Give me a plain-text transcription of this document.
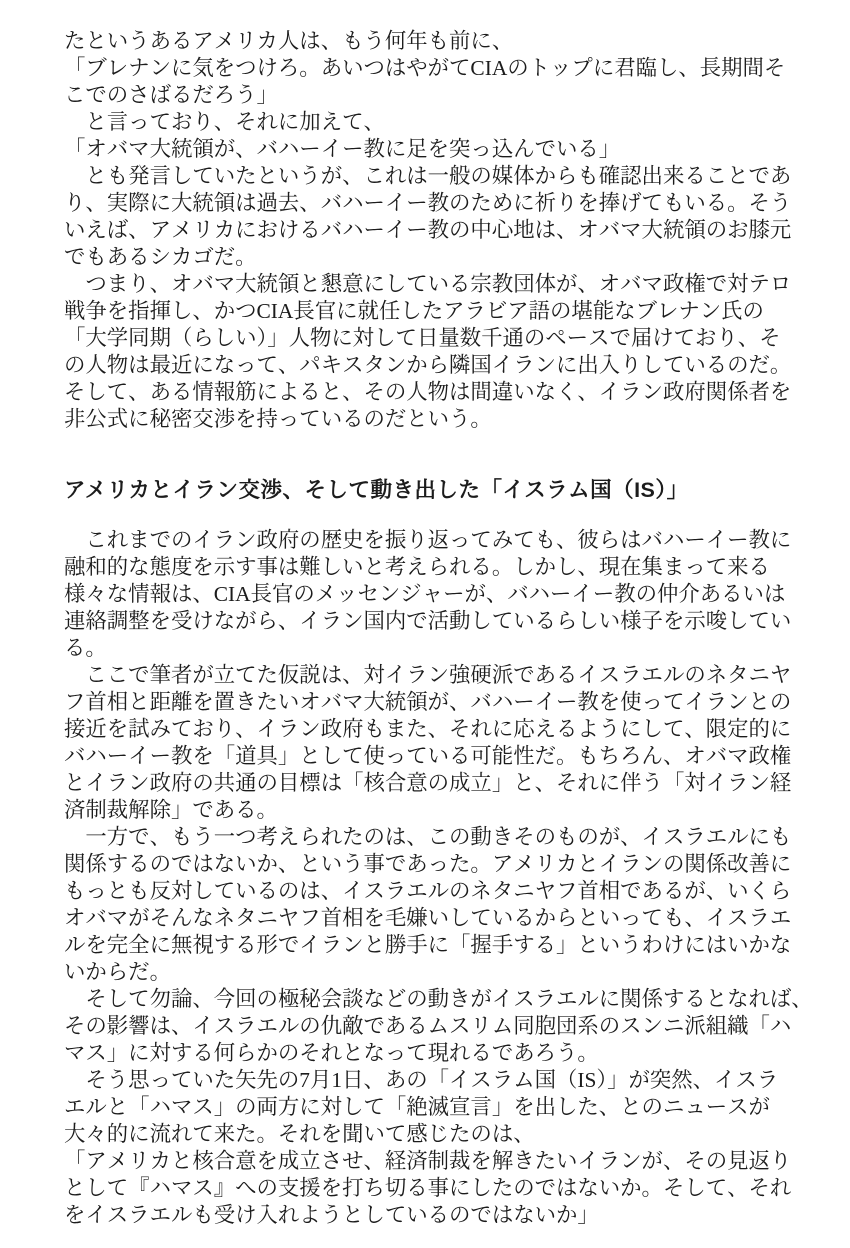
たというあるアメリカ人は、もう何年も前に、
「ブレナンに気をつけろ。あいつはやがてCIAのトップに君臨し、長期間そ
こでのさばるだろう」
　と言っており、それに加えて、
「オバマ大統領が、バハーイー教に足を突っ込んでいる」
　とも発言していたというが、これは一般の媒体からも確認出来ることであ
り、実際に大統領は過去、バハーイー教のために祈りを捧げてもいる。そう
いえば、アメリカにおけるバハーイー教の中心地は、オバマ大統領のお膝元
でもあるシカゴだ。
　つまり、オバマ大統領と懇意にしている宗教団体が、オバマ政権で対テロ
戦争を指揮し、かつCIA長官に就任したアラビア語の堪能なブレナン氏の
「大学同期（らしい）」人物に対して日量数千通のペースで届けており、そ
の人物は最近になって、パキスタンから隣国イランに出入りしているのだ。
そして、ある情報筋によると、その人物は間違いなく、イラン政府関係者を
非公式に秘密交渉を持っているのだという。
アメリカとイラン交渉、そして動き出した「イスラム国（IS）」
　これまでのイラン政府の歴史を振り返ってみても、彼らはバハーイー教に
融和的な態度を示す事は難しいと考えられる。しかし、現在集まって来る
様々な情報は、CIA長官のメッセンジャーが、バハーイー教の仲介あるいは
連絡調整を受けながら、イラン国内で活動しているらしい様子を示唆してい
る。
　ここで筆者が立てた仮説は、対イラン強硬派であるイスラエルのネタニヤ
フ首相と距離を置きたいオバマ大統領が、バハーイー教を使ってイランとの
接近を試みており、イラン政府もまた、それに応えるようにして、限定的に
バハーイー教を「道具」として使っている可能性だ。もちろん、オバマ政権
とイラン政府の共通の目標は「核合意の成立」と、それに伴う「対イラン経
済制裁解除」である。
　一方で、もう一つ考えられたのは、この動きそのものが、イスラエルにも
関係するのではないか、という事であった。アメリカとイランの関係改善に
もっとも反対しているのは、イスラエルのネタニヤフ首相であるが、いくら
オバマがそんなネタニヤフ首相を毛嫌いしているからといっても、イスラエ
ルを完全に無視する形でイランと勝手に「握手する」というわけにはいかな
いからだ。
　そして勿論、今回の極秘会談などの動きがイスラエルに関係するとなれば、
その影響は、イスラエルの仇敵であるムスリム同胞団系のスンニ派組織「ハ
マス」に対する何らかのそれとなって現れるであろう。
　そう思っていた矢先の7月1日、あの「イスラム国（IS）」が突然、イスラ
エルと「ハマス」の両方に対して「絶滅宣言」を出した、とのニュースが
大々的に流れて来た。それを聞いて感じたのは、
「アメリカと核合意を成立させ、経済制裁を解きたいイランが、その見返り
として『ハマス』への支援を打ち切る事にしたのではないか。そして、それ
をイスラエルも受け入れようとしているのではないか」
